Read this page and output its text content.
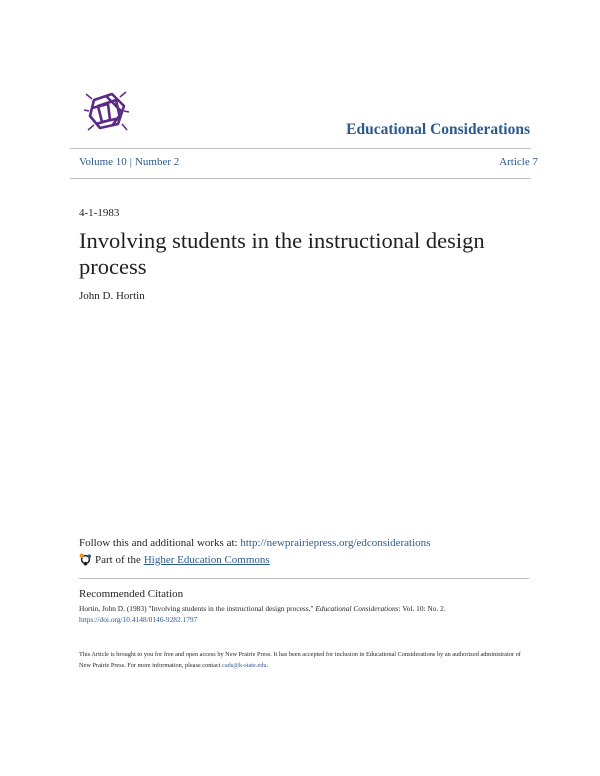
Educational Considerations
Volume 10 | Number 2	Article 7
4-1-1983
Involving students in the instructional design process
John D. Hortin
Follow this and additional works at: http://newprairiepress.org/edconsiderations
Part of the Higher Education Commons
Recommended Citation
Hortin, John D. (1983) "Involving students in the instructional design process," Educational Considerations: Vol. 10: No. 2.
https://doi.org/10.4148/0146-9282.1797
This Article is brought to you for free and open access by New Prairie Press. It has been accepted for inclusion in Educational Considerations by an authorized administrator of New Prairie Press. For more information, please contact cads@k-state.edu.
